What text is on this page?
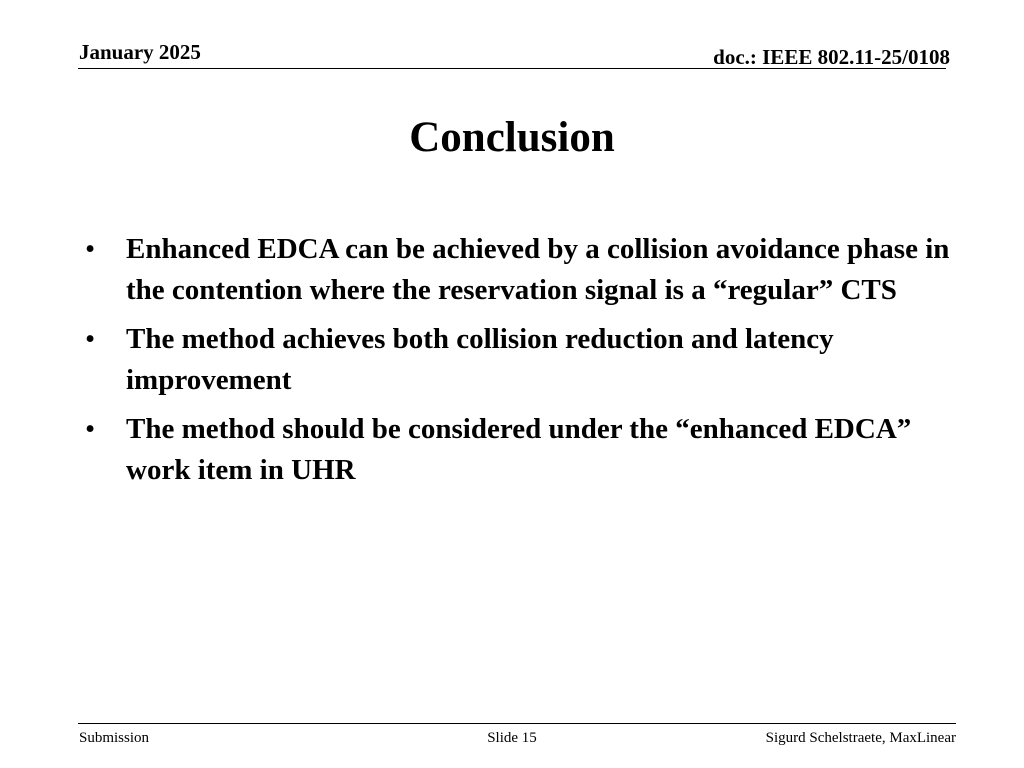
January 2025	doc.: IEEE 802.11-25/0108
Conclusion
• Enhanced EDCA can be achieved by a collision avoidance phase in the contention where the reservation signal is a “regular” CTS
• The method achieves both collision reduction and latency improvement
• The method should be considered under the “enhanced EDCA” work item in UHR
Submission	Slide 15	Sigurd Schelstraete, MaxLinear
